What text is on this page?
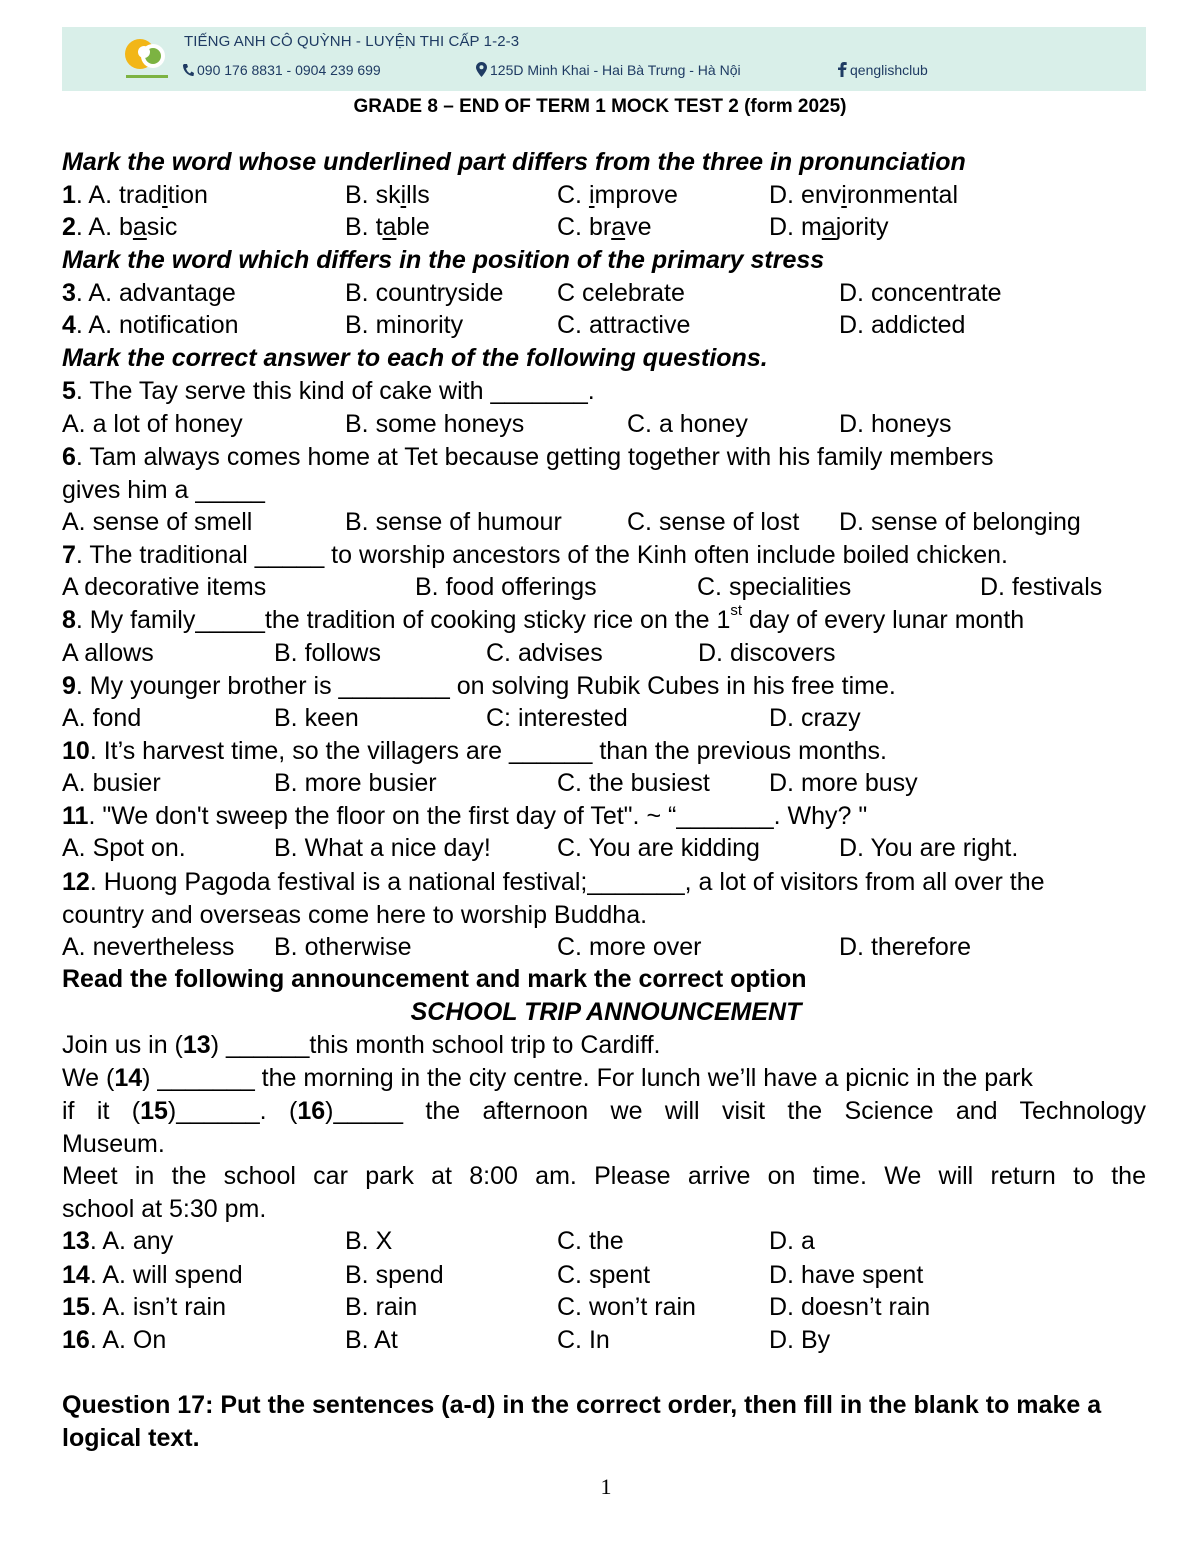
TIẾNG ANH CÔ QUỲNH - LUYỆN THI CẤP 1-2-3
090 176 8831 - 0904 239 699	125D Minh Khai - Hai Bà Trưng - Hà Nội	qenglishclub
GRADE 8 – END OF TERM 1 MOCK TEST 2 (form 2025)
Mark the word whose underlined part differs from the three in pronunciation
1. A. tradition	B. skills	C. improve	D. environmental
2. A. basic	B. table	C. brave	D. majority
Mark the word which differs in the position of the primary stress
3. A. advantage	B. countryside C celebrate	D. concentrate
4. A. notification	B. minority	C. attractive	D. addicted
Mark the correct answer to each of the following questions.
5. The Tay serve this kind of cake with _______.
A. a lot of honey	B. some honeys	C. a honey	D. honeys
6. Tam always comes home at Tet because getting together with his family members
gives him a _____
A. sense of smell	B. sense of humour	C. sense of lost D. sense of belonging
7. The traditional _____ to worship ancestors of the Kinh often include boiled chicken.
A decorative items	B. food offerings	C. specialities	D. festivals
8. My family_____the tradition of cooking sticky rice on the 1st day of every lunar month
A allows	B. follows	C. advises	D. discovers
9. My younger brother is ________ on solving Rubik Cubes in his free time.
A. fond	B. keen	C: interested	D. crazy
10. It’s harvest time, so the villagers are ______ than the previous months.
A. busier	B. more busier	C. the busiest D. more busy
11. "We don't sweep the floor on the first day of Tet". ~ “_______. Why? "
A. Spot on.	B. What a nice day!	C. You are kidding	D. You are right.
12. Huong Pagoda festival is a national festival;_______, a lot of visitors from all over the
country and overseas come here to worship Buddha.
A. nevertheless B. otherwise	C. more over	D. therefore
Read the following announcement and mark the correct option
SCHOOL TRIP ANNOUNCEMENT
Join us in (13) ______this month school trip to Cardiff.
We (14) _______ the morning in the city centre. For lunch we’ll have a picnic in the park
if it (15)______. (16)_____ the afternoon we will visit the Science and Technology
Museum.
Meet in the school car park at 8:00 am. Please arrive on time. We will return to the
school at 5:30 pm.
13. A. any	B. X	C. the	D. a
14. A. will spend	B. spend	C. spent	D. have spent
15. A. isn’t rain	B. rain	C. won’t rain	D. doesn’t rain
16. A. On	B. At	C. In	D. By
Question 17: Put the sentences (a-d) in the correct order, then fill in the blank to make a logical text.
1
